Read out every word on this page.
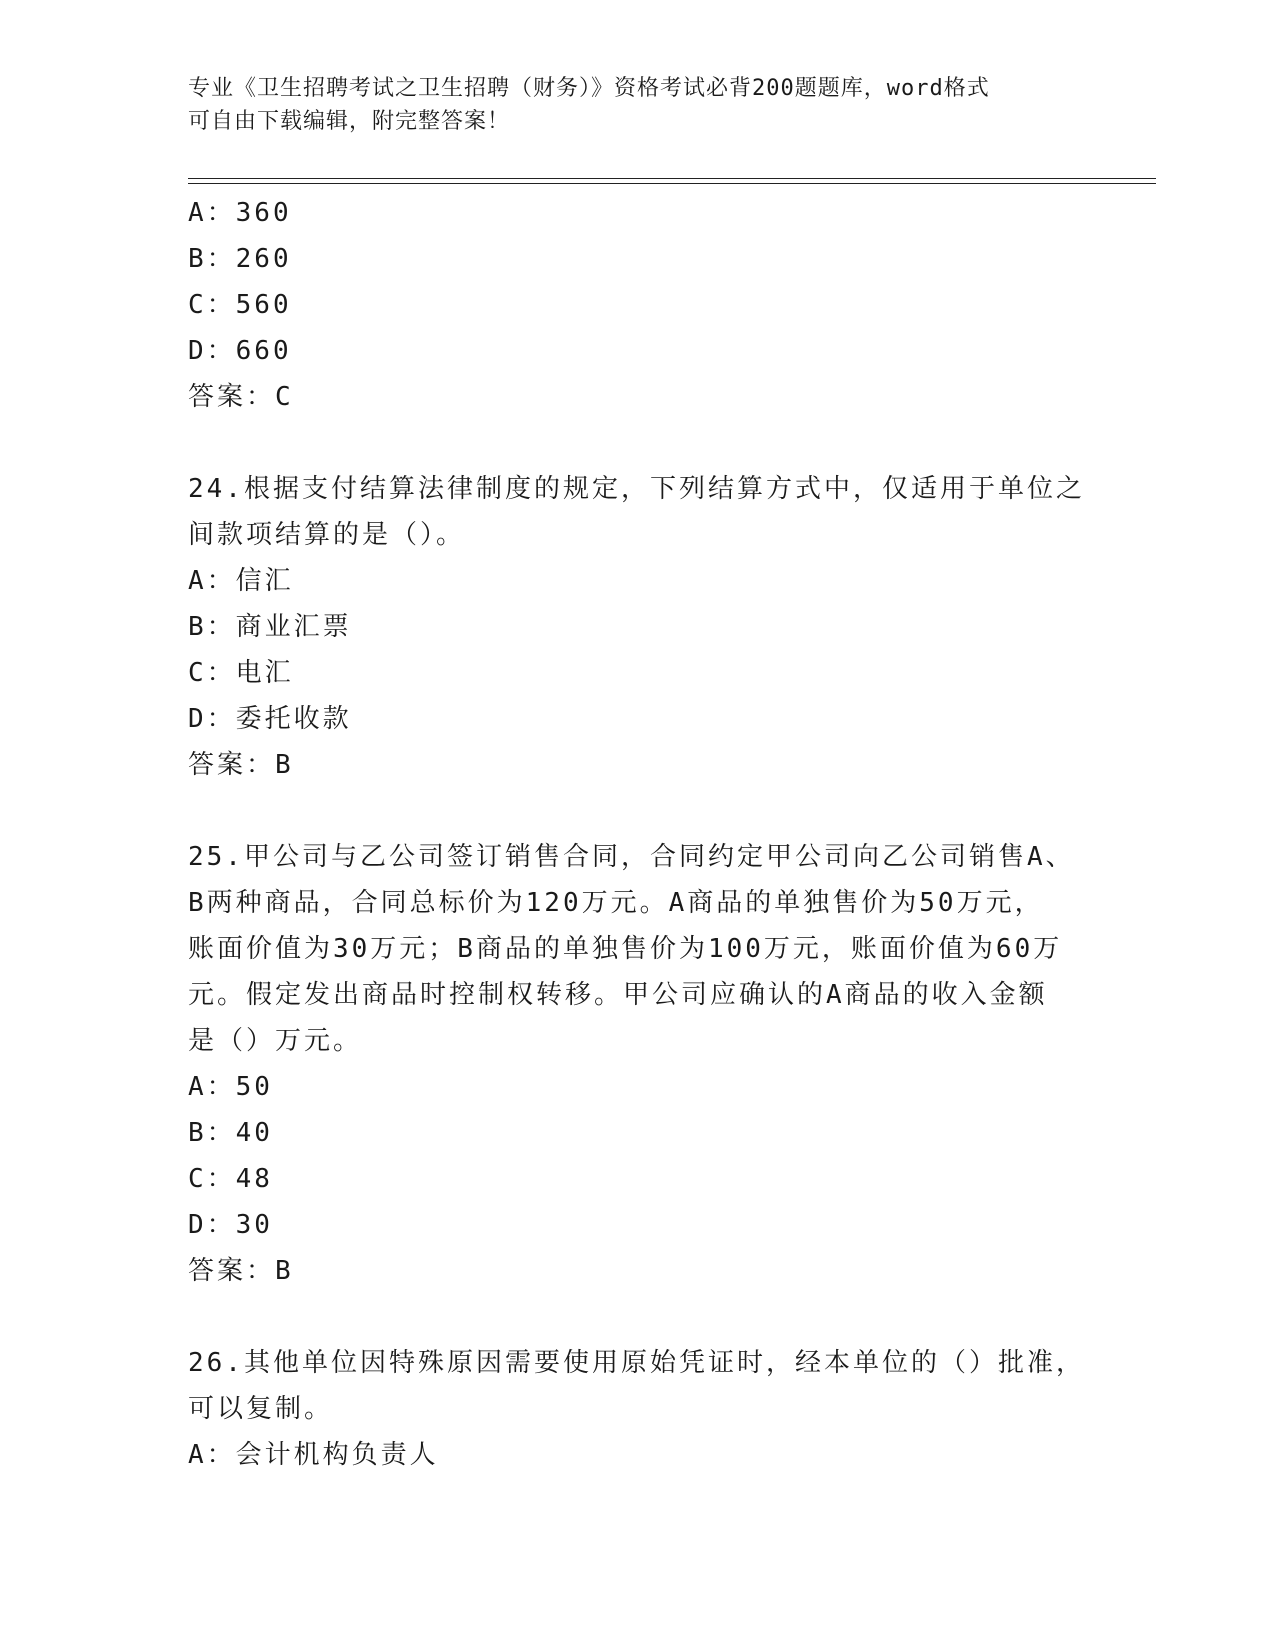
专业《卫生招聘考试之卫生招聘（财务）》资格考试必背200题题库，word格式
可自由下载编辑，附完整答案！
A：360
B：260
C：560
D：660
答案：C
24.根据支付结算法律制度的规定，下列结算方式中，仅适用于单位之
间款项结算的是（）。
A：信汇
B：商业汇票
C：电汇
D：委托收款
答案：B
25.甲公司与乙公司签订销售合同，合同约定甲公司向乙公司销售A、
B两种商品，合同总标价为120万元。A商品的单独售价为50万元，
账面价值为30万元；B商品的单独售价为100万元，账面价值为60万
元。假定发出商品时控制权转移。甲公司应确认的A商品的收入金额
是（）万元。
A：50
B：40
C：48
D：30
答案：B
26.其他单位因特殊原因需要使用原始凭证时，经本单位的（）批准，
可以复制。
A：会计机构负责人
